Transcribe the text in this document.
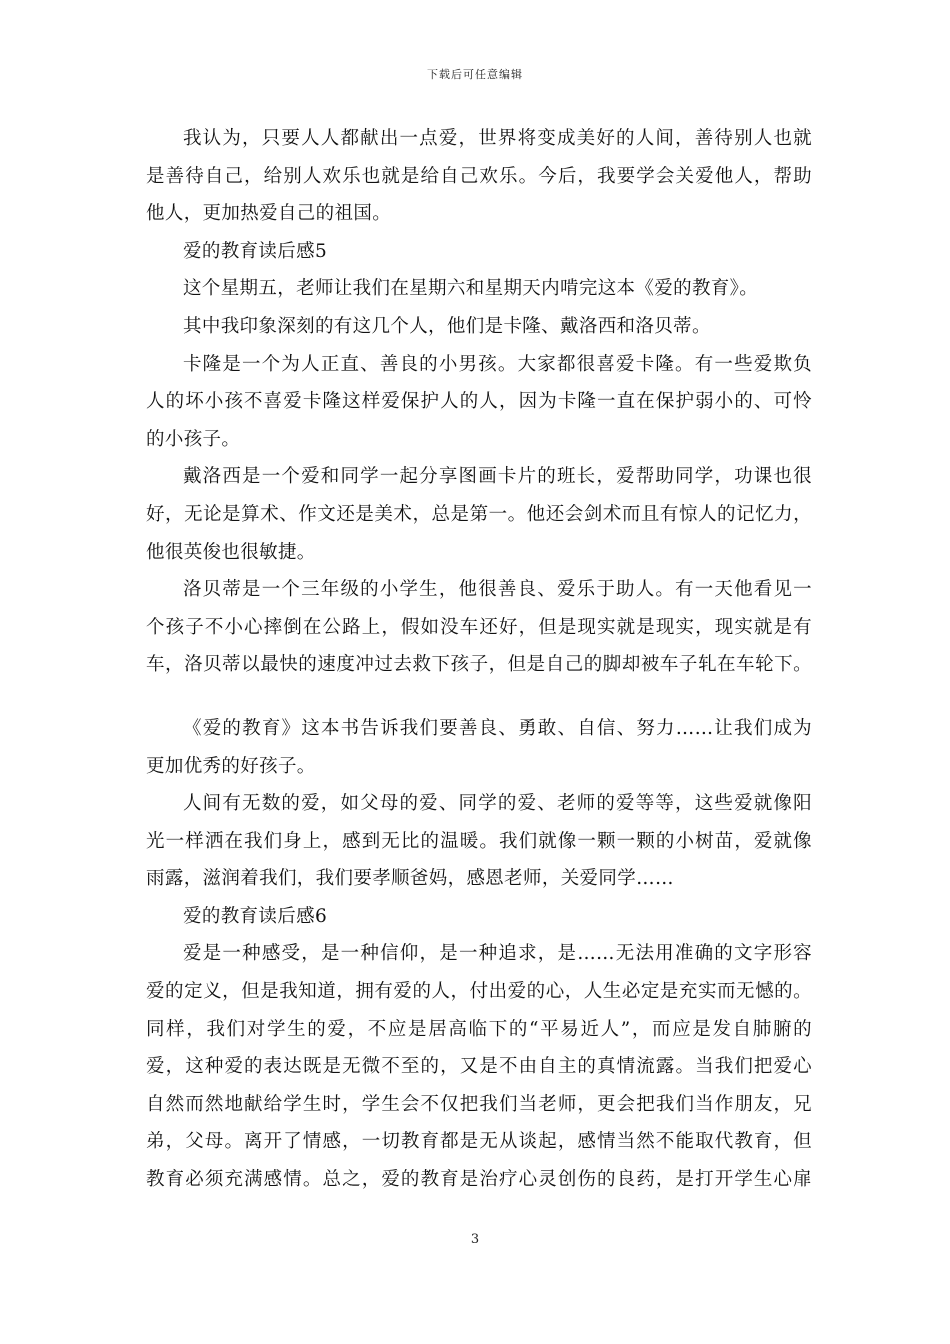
下载后可任意编辑
我认为，只要人人都献出一点爱，世界将变成美好的人间，善待别人也就
是善待自己，给别人欢乐也就是给自己欢乐。今后，我要学会关爱他人，帮助
他人，更加热爱自己的祖国。
爱的教育读后感5
这个星期五，老师让我们在星期六和星期天内啃完这本《爱的教育》。
其中我印象深刻的有这几个人，他们是卡隆、戴洛西和洛贝蒂。
卡隆是一个为人正直、善良的小男孩。大家都很喜爱卡隆。有一些爱欺负
人的坏小孩不喜爱卡隆这样爱保护人的人，因为卡隆一直在保护弱小的、可怜
的小孩子。
戴洛西是一个爱和同学一起分享图画卡片的班长，爱帮助同学，功课也很
好，无论是算术、作文还是美术，总是第一。他还会剑术而且有惊人的记忆力，
他很英俊也很敏捷。
洛贝蒂是一个三年级的小学生，他很善良、爱乐于助人。有一天他看见一
个孩子不小心摔倒在公路上，假如没车还好，但是现实就是现实，现实就是有
车，洛贝蒂以最快的速度冲过去救下孩子，但是自己的脚却被车子轧在车轮下。
《爱的教育》这本书告诉我们要善良、勇敢、自信、努力……让我们成为
更加优秀的好孩子。
人间有无数的爱，如父母的爱、同学的爱、老师的爱等等，这些爱就像阳
光一样洒在我们身上，感到无比的温暖。我们就像一颗一颗的小树苗，爱就像
雨露，滋润着我们，我们要孝顺爸妈，感恩老师，关爱同学……
爱的教育读后感6
爱是一种感受，是一种信仰，是一种追求，是……无法用准确的文字形容
爱的定义，但是我知道，拥有爱的人，付出爱的心，人生必定是充实而无憾的。
同样，我们对学生的爱，不应是居高临下的“平易近人”，而应是发自肺腑的
爱，这种爱的表达既是无微不至的，又是不由自主的真情流露。当我们把爱心
自然而然地献给学生时，学生会不仅把我们当老师，更会把我们当作朋友，兄
弟，父母。离开了情感，一切教育都是无从谈起，感情当然不能取代教育，但
教育必须充满感情。总之，爱的教育是治疗心灵创伤的良药，是打开学生心扉
3
